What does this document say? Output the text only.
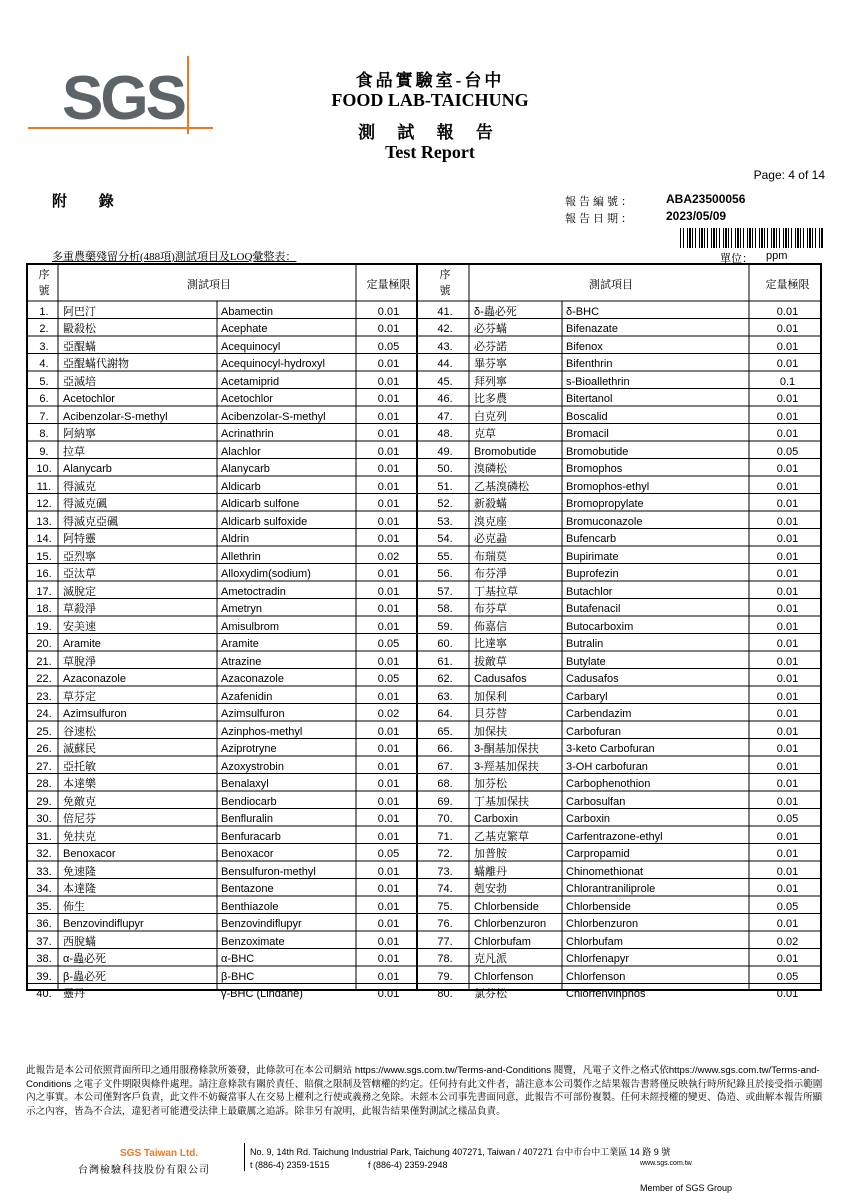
SGS	食品實驗室-台中
FOOD LAB-TAICHUNG
測 試 報 告
Test Report
Page: 4 of 14
附 錄	報告編號：	ABA23500056
報告日期：	2023/05/09
多重農藥殘留分析(488項)測試項目及LOQ彙整表：	單位： ppm
序
號	測試項目	定量極限
序
號	測試項目	定量極限
1.	阿巴汀	Abamectin	0.01	41.	δ-蟲必死	δ-BHC	0.01
2.	毆殺松	Acephate	0.01	42.	必芬蟎	Bifenazate	0.01
3.	亞醌蟎	Acequinocyl	0.05	43.	必芬諾	Bifenox	0.01
4.	亞醌蟎代謝物	Acequinocyl-hydroxyl	0.01	44.	畢芬寧	Bifenthrin	0.01
5.	亞滅培	Acetamiprid	0.01	45.	拜列寧	s-Bioallethrin	0.1
6.	Acetochlor	Acetochlor	0.01	46.	比多農	Bitertanol	0.01
7.	Acibenzolar-S-methyl	Acibenzolar-S-methyl	0.01	47.	白克列	Boscalid	0.01
8.	阿納寧	Acrinathrin	0.01	48.	克草	Bromacil	0.01
9.	拉草	Alachlor	0.01	49.	Bromobutide	Bromobutide	0.05
10.	Alanycarb	Alanycarb	0.01	50.	溴磷松	Bromophos	0.01
11.	得滅克	Aldicarb	0.01	51.	乙基溴磷松	Bromophos-ethyl	0.01
12.	得滅克碸	Aldicarb sulfone	0.01	52.	新殺蟎	Bromopropylate	0.01
13.	得滅克亞碸	Aldicarb sulfoxide	0.01	53.	溴克座	Bromuconazole	0.01
14.	阿特靈	Aldrin	0.01	54.	必克蝨	Bufencarb	0.01
15.	亞烈寧	Allethrin	0.02	55.	布瑞莫	Bupirimate	0.01
16.	亞汰草	Alloxydim(sodium)	0.01	56.	布芬淨	Buprofezin	0.01
17.	滅脫定	Ametoctradin	0.01	57.	丁基拉草	Butachlor	0.01
18.	草殺淨	Ametryn	0.01	58.	布芬草	Butafenacil	0.01
19.	安美速	Amisulbrom	0.01	59.	佈嘉信	Butocarboxim	0.01
20.	Aramite	Aramite	0.05	60.	比達寧	Butralin	0.01
21.	草脫淨	Atrazine	0.01	61.	拔敵草	Butylate	0.01
22.	Azaconazole	Azaconazole	0.05	62.	Cadusafos	Cadusafos	0.01
23.	草芬定	Azafenidin	0.01	63.	加保利	Carbaryl	0.01
24.	Azimsulfuron	Azimsulfuron	0.02	64.	貝芬替	Carbendazim	0.01
25.	谷速松	Azinphos-methyl	0.01	65.	加保扶	Carbofuran	0.01
26.	滅蘇民	Aziprotryne	0.01	66.	3-酮基加保扶	3-keto Carbofuran	0.01
27.	亞托敏	Azoxystrobin	0.01	67.	3-羥基加保扶	3-OH carbofuran	0.01
28.	本達樂	Benalaxyl	0.01	68.	加芬松	Carbophenothion	0.01
29.	免敵克	Bendiocarb	0.01	69.	丁基加保扶	Carbosulfan	0.01
30.	倍尼芬	Benfluralin	0.01	70.	Carboxin	Carboxin	0.05
31.	免扶克	Benfuracarb	0.01	71.	乙基克繁草	Carfentrazone-ethyl	0.01
32.	Benoxacor	Benoxacor	0.05	72.	加普胺	Carpropamid	0.01
33.	免速隆	Bensulfuron-methyl	0.01	73.	蟎離丹	Chinomethionat	0.01
34.	本達隆	Bentazone	0.01	74.	剋安勃	Chlorantraniliprole	0.01
35.	佈生	Benthiazole	0.01	75.	Chlorbenside	Chlorbenside	0.05
36.	Benzovindiflupyr	Benzovindiflupyr	0.01	76.	Chlorbenzuron	Chlorbenzuron	0.01
37.	西脫蟎	Benzoximate	0.01	77.	Chlorbufam	Chlorbufam	0.02
38.	α-蟲必死	α-BHC	0.01	78.	克凡派	Chlorfenapyr	0.01
39.	β-蟲必死	β-BHC	0.01	79.	Chlorfenson	Chlorfenson	0.05
40.	靈丹	γ-BHC (Lindane)	0.01	80.	氯芬松	Chlorfenvinphos	0.01
此報告是本公司依照背面所印之通用服務條款所簽發，此條款可在本公司網站 https://www.sgs.com.tw/Terms-and-Conditions 閱覽，凡電子文件之格式依https://www.sgs.com.tw/Terms-and-Conditions 之電子文件期限與條件處理。請注意條款有關於責任、賠償之限制及管轄權的約定。任何持有此文件者，請注意本公司製作之結果報告書將僅反映執行時所紀錄且於接受指示範圍內之事實。本公司僅對客戶負責，此文件不妨礙當事人在交易上權利之行使或義務之免除。未經本公司事先書面同意，此報告不可部份複製。任何未經授權的變更、偽造、或曲解本報告所顯示之內容，皆為不合法，違犯者可能遭受法律上最嚴厲之追訴。除非另有說明，此報告結果僅對測試之樣品負責。
SGS Taiwan Ltd.
台灣檢驗科技股份有限公司
No. 9, 14th Rd. Taichung Industrial Park, Taichung 407271, Taiwan / 407271 台中市台中工業區 14 路 9 號
t (886-4) 2359-1515	f (886-4) 2359-2948	www.sgs.com.tw
Member of SGS Group
